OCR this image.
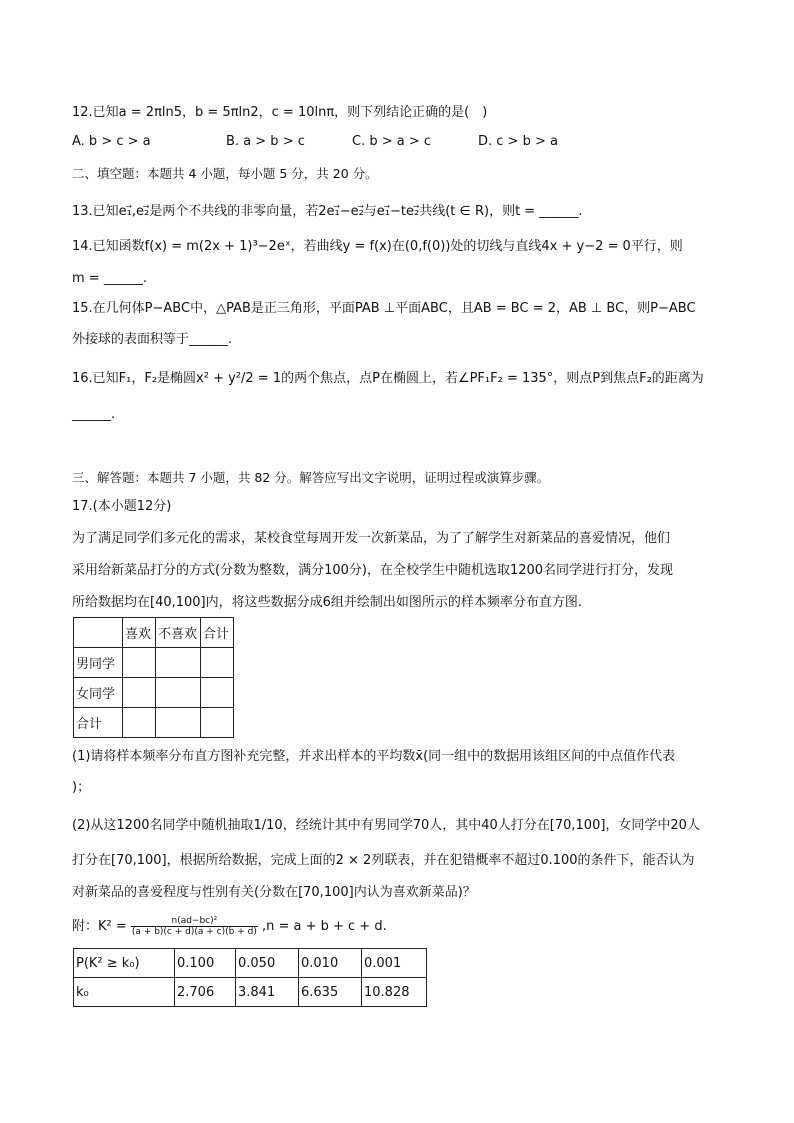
12.已知a = 2πln5，b = 5πln2，c = 10lnπ，则下列结论正确的是(　)
A. b > c > a	B. a > b > c	C. b > a > c	D. c > b > a
二、填空题：本题共 4 小题，每小题 5 分，共 20 分。
13.已知e₁⃗,e₂⃗是两个不共线的非零向量，若2e₁⃗−e₂⃗与e₁⃗−te₂⃗共线(t ∈ R)，则t = ______.
14.已知函数f(x) = m(2x + 1)³−2eˣ，若曲线y = f(x)在(0,f(0))处的切线与直线4x + y−2 = 0平行，则
m = ______.
15.在几何体P−ABC中，△PAB是正三角形，平面PAB ⊥平面ABC，且AB = BC = 2，AB ⊥ BC，则P−ABC
外接球的表面积等于______.
16.已知F₁，F₂是椭圆x² + y²/2 = 1的两个焦点，点P在椭圆上，若∠PF₁F₂ = 135°，则点P到焦点F₂的距离为
______.
三、解答题：本题共 7 小题，共 82 分。解答应写出文字说明，证明过程或演算步骤。
17.(本小题12分)
为了满足同学们多元化的需求，某校食堂每周开发一次新菜品，为了了解学生对新菜品的喜爱情况，他们
采用给新菜品打分的方式(分数为整数，满分100分)，在全校学生中随机选取1200名同学进行打分，发现
所给数据均在[40,100]内，将这些数据分成6组并绘制出如图所示的样本频率分布直方图.
	喜欢	不喜欢	合计
男同学			
女同学			
合计			
(1)请将样本频率分布直方图补充完整，并求出样本的平均数x̄(同一组中的数据用该组区间的中点值作代表
)；
(2)从这1200名同学中随机抽取1/10，经统计其中有男同学70人，其中40人打分在[70,100]，女同学中20人
打分在[70,100]，根据所给数据，完成上面的2 × 2列联表，并在犯错概率不超过0.100的条件下，能否认为
对新菜品的喜爱程度与性别有关(分数在[70,100]内认为喜欢新菜品)？
附：$K^2 = \frac{\text{n(ad−bc)²}}{(a + b)(c + d)(a + c)(b + d)} ,n = a + b + c + d$.
P(K² ≥ k₀)	0.100	0.050	0.010	0.001
k₀	2.706	3.841	6.635	10.828
